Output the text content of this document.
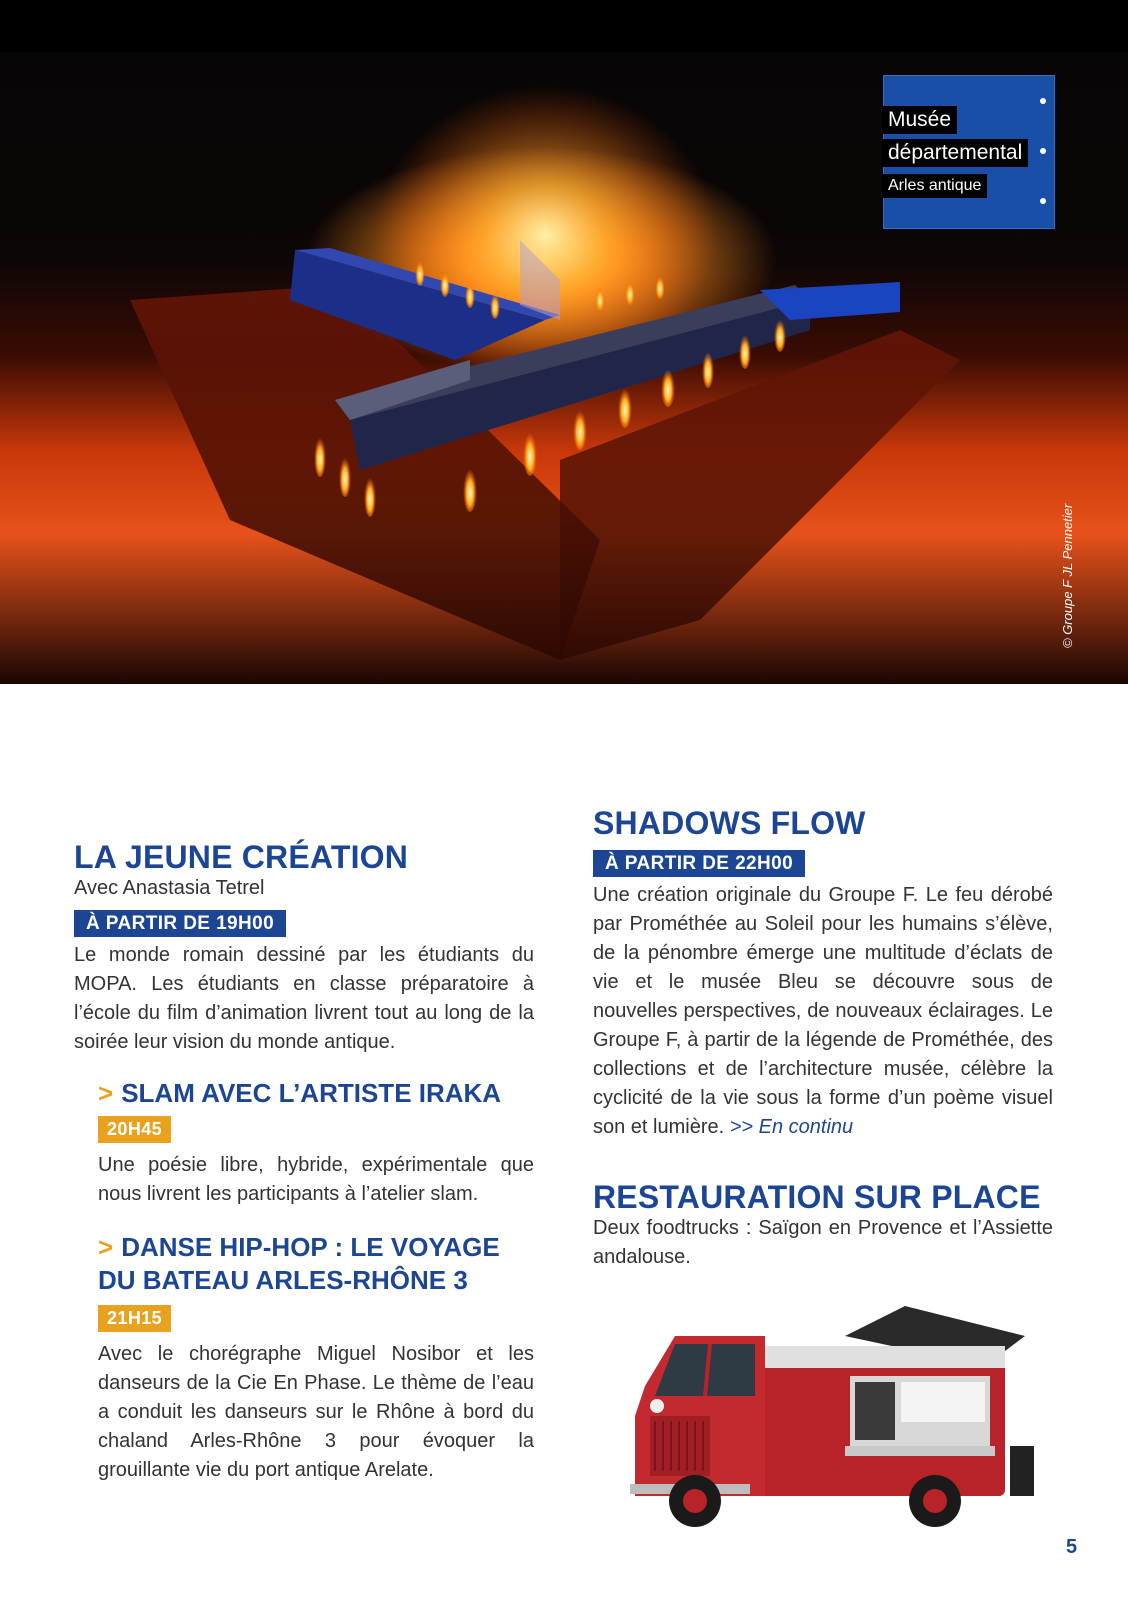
Musée
départemental
Arles antique
© Groupe F JL Pennetier
LA JEUNE CRÉATION
Avec Anastasia Tetrel
À PARTIR DE 19H00

Le monde romain dessiné par les étudiants du MOPA. Les étudiants en classe préparatoire à l’école du film d’animation livrent tout au long de la soirée leur vision du monde antique.

> SLAM AVEC L’ARTISTE IRAKA
20H45

Une poésie libre, hybride, expérimentale que nous livrent les participants à l’atelier slam.

> DANSE HIP-HOP : LE VOYAGE DU BATEAU ARLES-RHÔNE 3
21H15

Avec le chorégraphe Miguel Nosibor et les danseurs de la Cie En Phase. Le thème de l’eau a conduit les danseurs sur le Rhône à bord du chaland Arles-Rhône 3 pour évoquer la grouillante vie du port antique Arelate.

SHADOWS FLOW
À PARTIR DE 22H00

Une création originale du Groupe F. Le feu dérobé par Prométhée au Soleil pour les humains s’élève, de la pénombre émerge une multitude d’éclats de vie et le musée Bleu se découvre sous de nouvelles perspectives, de nouveaux éclairages. Le Groupe F, à partir de la légende de Prométhée, des collections et de l’architecture musée, célèbre la cyclicité de la vie sous la forme d’un poème visuel son et lumière. >> En continu

RESTAURATION SUR PLACE

Deux foodtrucks : Saïgon en Provence et l’Assiette andalouse.

5
